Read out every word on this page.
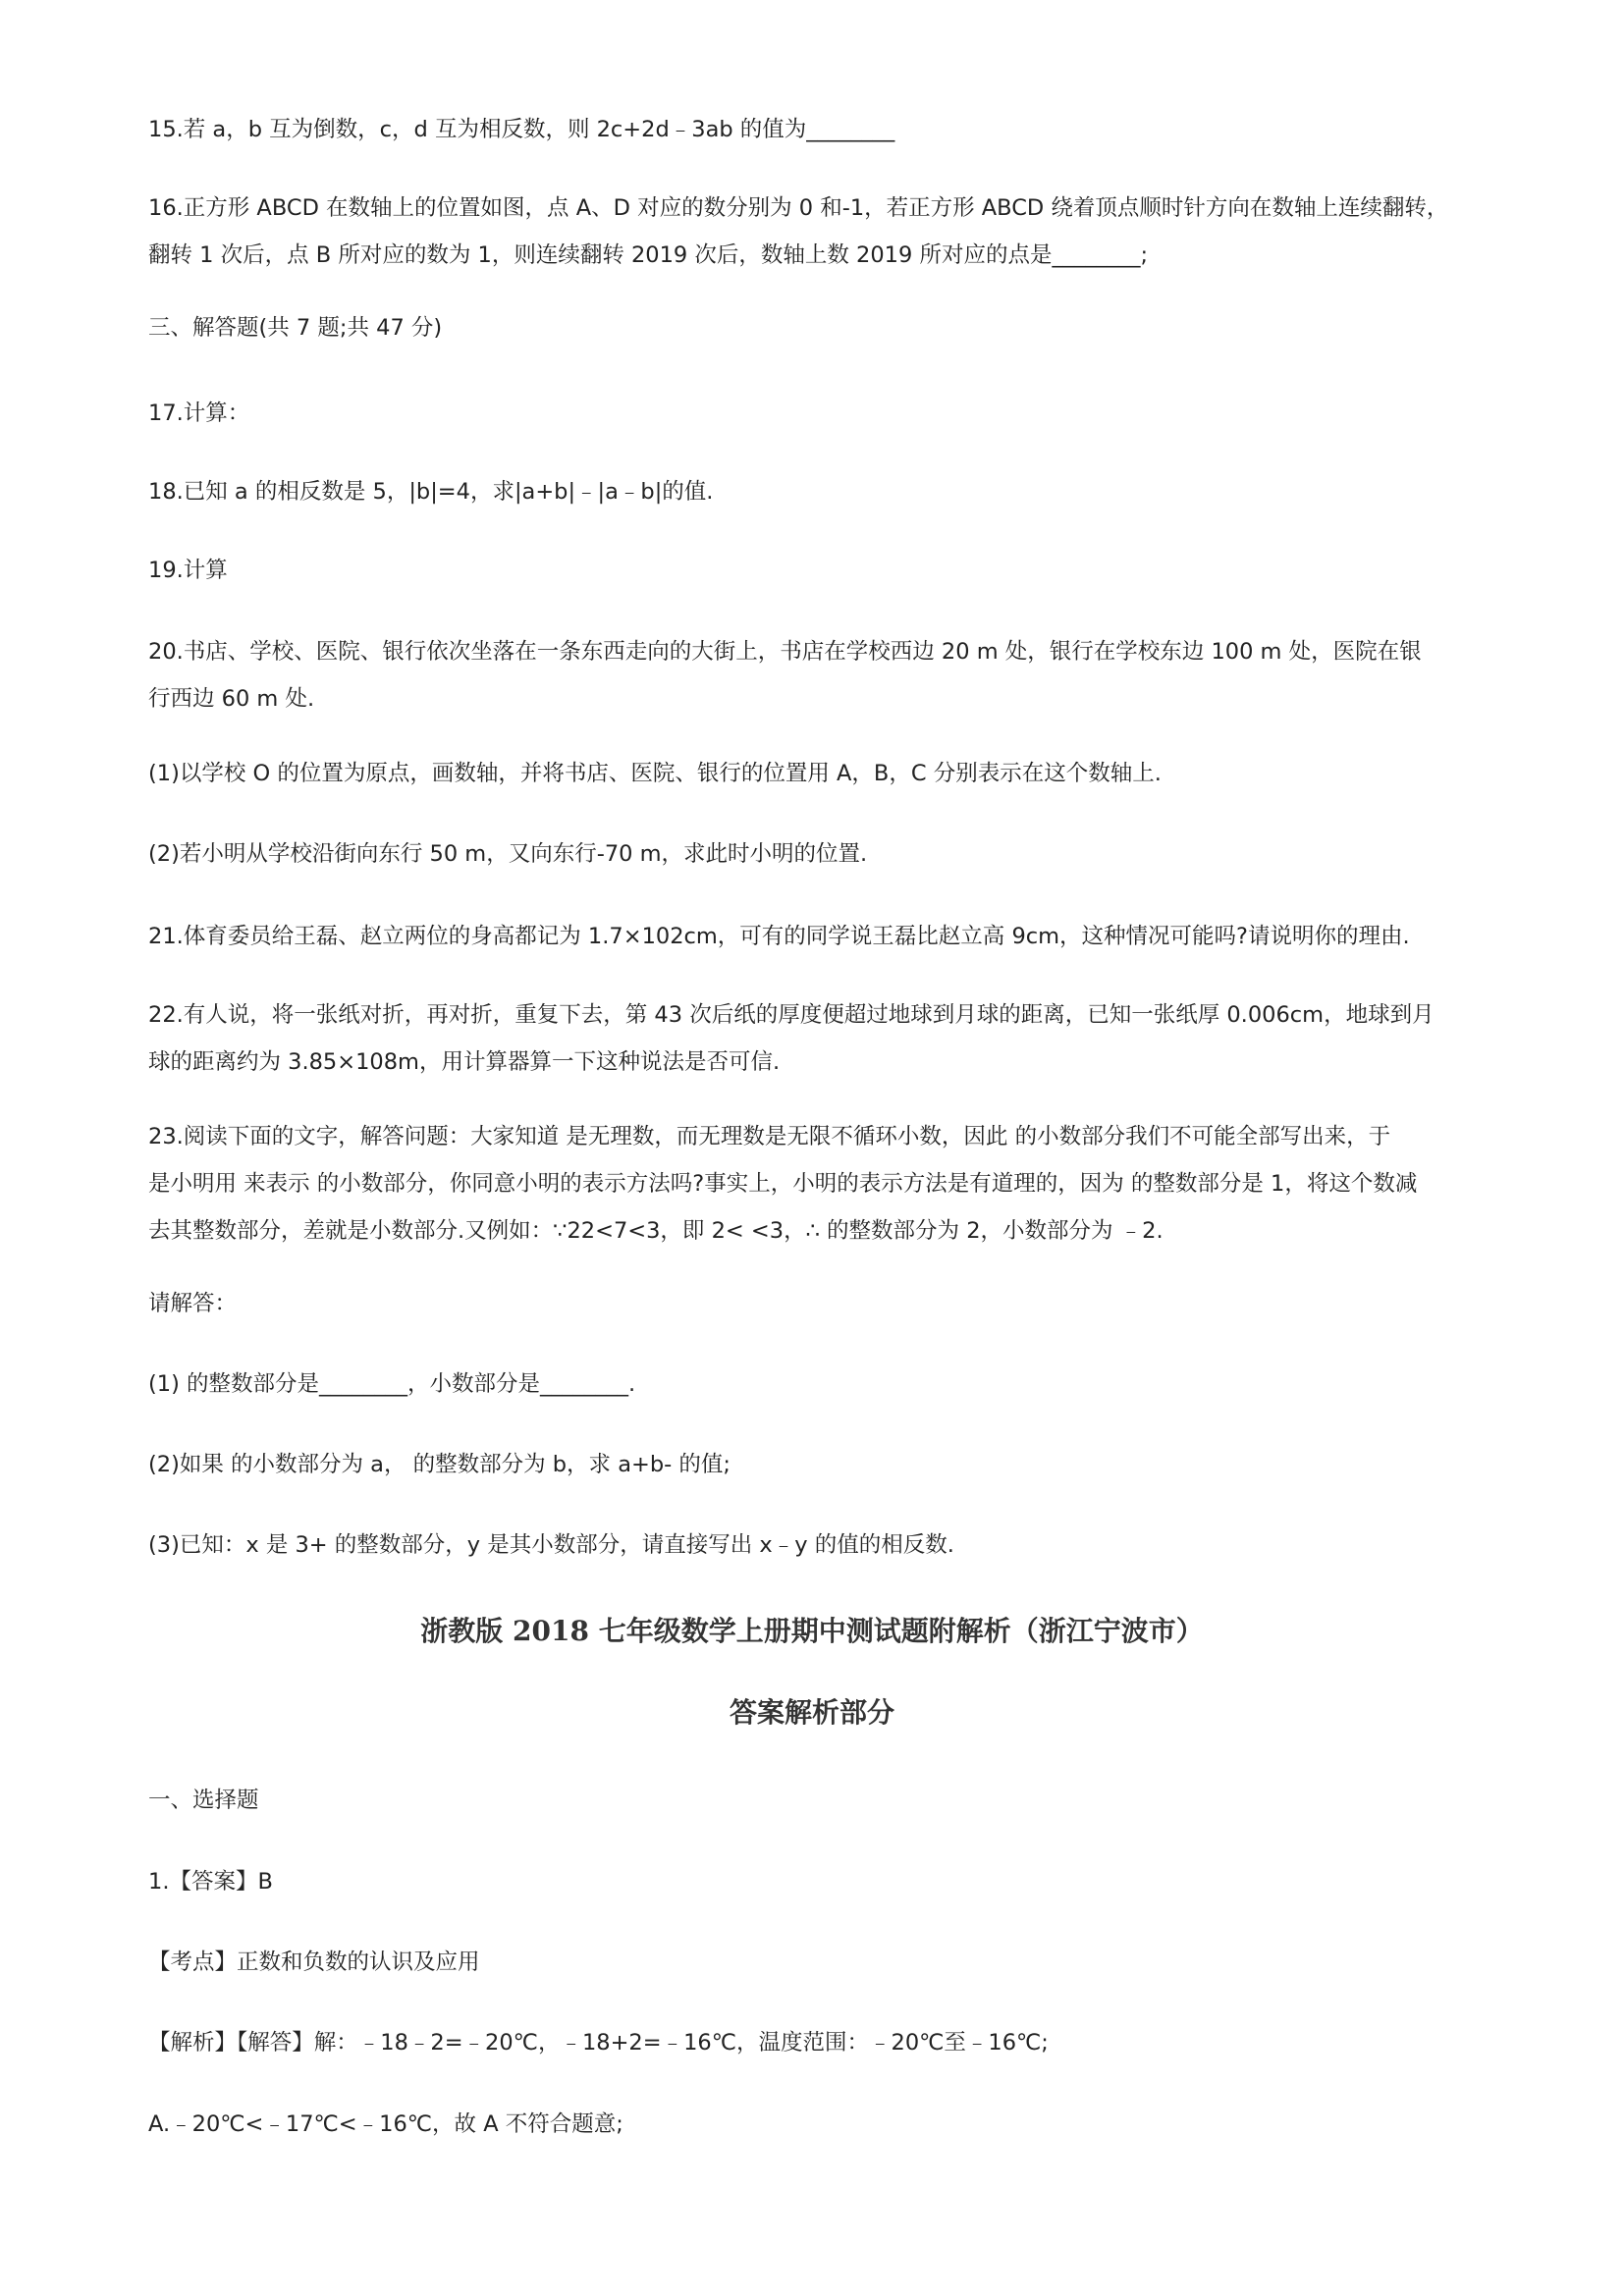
15.若 a，b 互为倒数，c，d 互为相反数，则 2c+2d﹣3ab 的值为________

16.正方形 ABCD 在数轴上的位置如图，点 A、D 对应的数分别为 0 和-1，若正方形 ABCD 绕着顶点顺时针方向在数轴上连续翻转，
翻转 1 次后，点 B 所对应的数为 1，则连续翻转 2019 次后，数轴上数 2019 所对应的点是________;

三、解答题(共 7 题;共 47 分)

17.计算：

18.已知 a 的相反数是 5，|b|=4，求|a+b|﹣|a﹣b|的值.

19.计算

20.书店、学校、医院、银行依次坐落在一条东西走向的大街上，书店在学校西边 20 m 处，银行在学校东边 100 m 处，医院在银
行西边 60 m 处.

(1)以学校 O 的位置为原点，画数轴，并将书店、医院、银行的位置用 A，B，C 分别表示在这个数轴上.

(2)若小明从学校沿街向东行 50 m，又向东行-70 m，求此时小明的位置.

21.体育委员给王磊、赵立两位的身高都记为 1.7×102cm，可有的同学说王磊比赵立高 9cm，这种情况可能吗?请说明你的理由.

22.有人说，将一张纸对折，再对折，重复下去，第 43 次后纸的厚度便超过地球到月球的距离，已知一张纸厚 0.006cm，地球到月
球的距离约为 3.85×108m，用计算器算一下这种说法是否可信.

23.阅读下面的文字，解答问题：大家知道 是无理数，而无理数是无限不循环小数，因此 的小数部分我们不可能全部写出来，于
是小明用 来表示 的小数部分，你同意小明的表示方法吗?事实上，小明的表示方法是有道理的，因为 的整数部分是 1，将这个数减
去其整数部分，差就是小数部分.又例如：∵22<7<3，即 2< <3，∴ 的整数部分为 2，小数部分为 ﹣2.

请解答：

(1) 的整数部分是________，小数部分是________.

(2)如果 的小数部分为 a， 的整数部分为 b，求 a+b- 的值;

(3)已知：x 是 3+ 的整数部分，y 是其小数部分，请直接写出 x﹣y 的值的相反数.

浙教版 2018 七年级数学上册期中测试题附解析（浙江宁波市）

答案解析部分

一、选择题

1.【答案】B

【考点】正数和负数的认识及应用

【解析】【解答】解：﹣18﹣2=﹣20℃，﹣18+2=﹣16℃，温度范围：﹣20℃至﹣16℃;

A.﹣20℃<﹣17℃<﹣16℃，故 A 不符合题意;
